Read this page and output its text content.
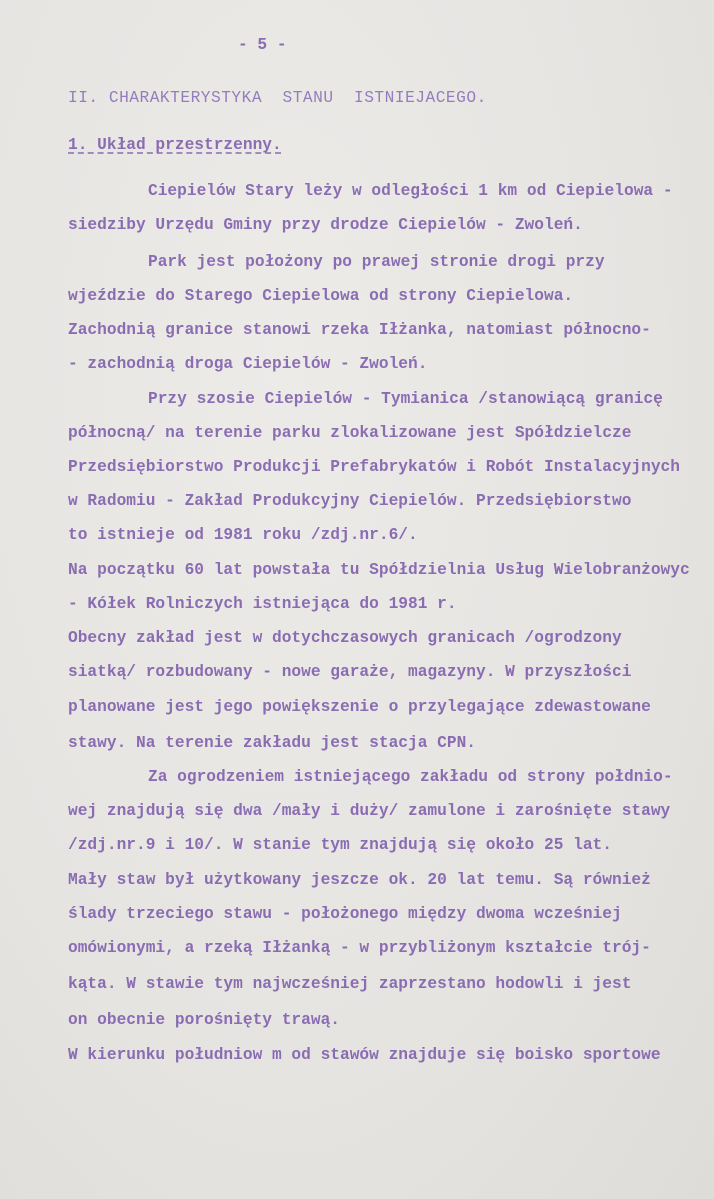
- 5 -
II. CHARAKTERYSTYKA  STANU  ISTNIEJACEGO.
1. Układ przestrzenny.
Ciepielów Stary leży w odległości 1 km od Ciepielowa -
siedziby Urzędu Gminy przy drodze Ciepielów - Zwoleń.
Park jest położony po prawej stronie drogi przy
wjeździe do Starego Ciepielowa od strony Ciepielowa.
Zachodnią granice stanowi rzeka Iłżanka, natomiast północno-
- zachodnią droga Ciepielów - Zwoleń.
Przy szosie Ciepielów - Tymianica /stanowiącą granicę
północną/ na terenie parku zlokalizowane jest Spółdzielcze
Przedsiębiorstwo Produkcji Prefabrykatów i Robót Instalacyjnych
w Radomiu - Zakład Produkcyjny Ciepielów. Przedsiębiorstwo
to istnieje od 1981 roku /zdj.nr.6/.
Na początku 60 lat powstała tu Spółdzielnia Usług Wielobranżowyc
- Kółek Rolniczych istniejąca do 1981 r.
Obecny zakład jest w dotychczasowych granicach /ogrodzony
siatką/ rozbudowany - nowe garaże, magazyny. W przyszłości
planowane jest jego powiększenie o przylegające zdewastowane
stawy. Na terenie zakładu jest stacja CPN.
Za ogrodzeniem istniejącego zakładu od strony połdnio-
wej znajdują się dwa /mały i duży/ zamulone i zarośnięte stawy
/zdj.nr.9 i 10/. W stanie tym znajdują się około 25 lat.
Mały staw był użytkowany jeszcze ok. 20 lat temu. Są również
ślady trzeciego stawu - położonego między dwoma wcześniej
omówionymi, a rzeką Iłżanką - w przybliżonym kształcie trój-
kąta. W stawie tym najwcześniej zaprzestano hodowli i jest
on obecnie porośnięty trawą.
W kierunku południow m od stawów znajduje się boisko sportowe
